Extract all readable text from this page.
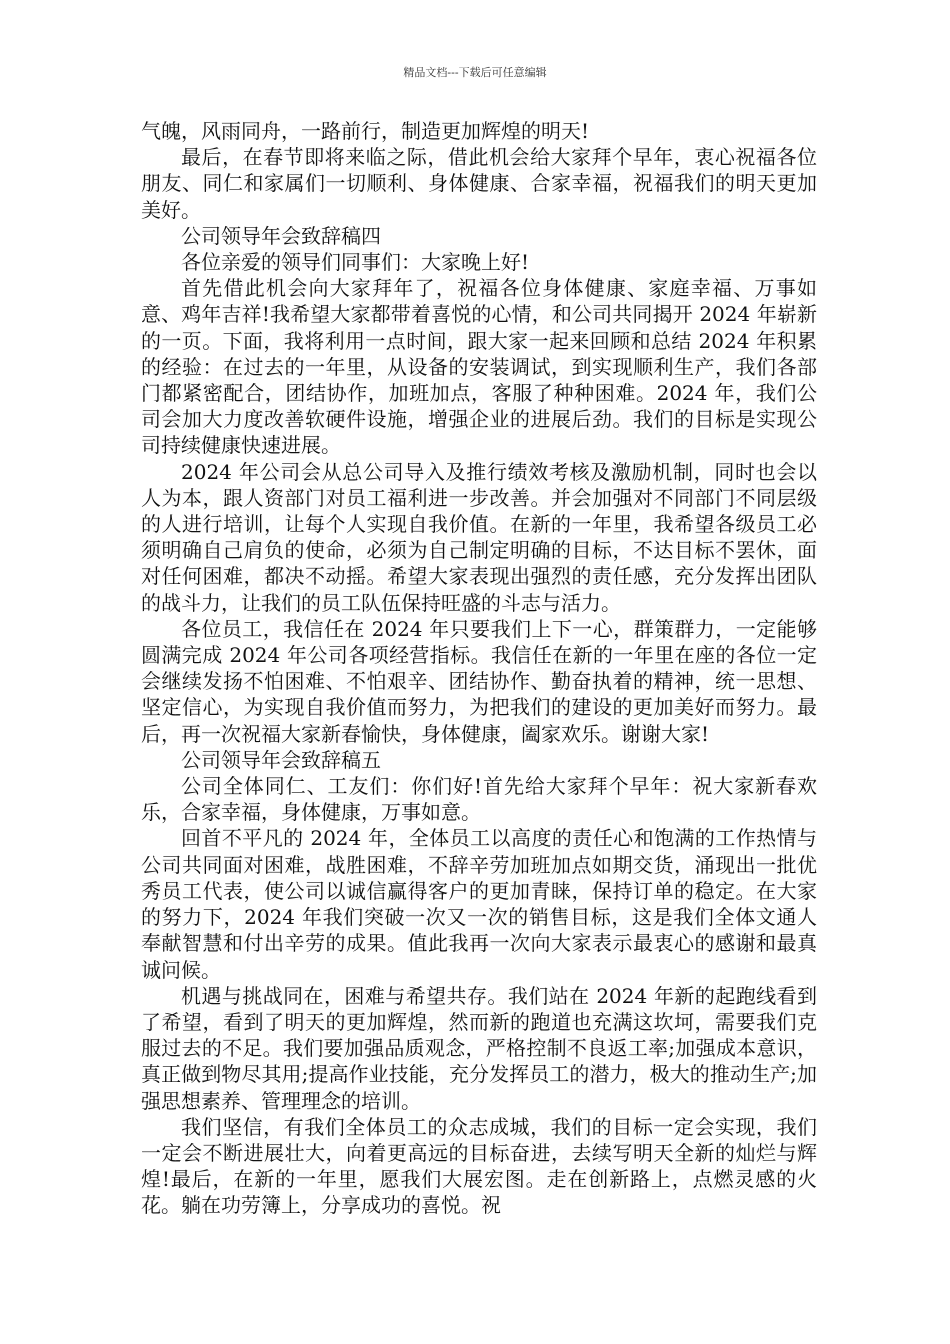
精品文档---下载后可任意编辑

气魄，风雨同舟，一路前行，制造更加辉煌的明天!

最后，在春节即将来临之际，借此机会给大家拜个早年，衷心祝福各位朋友、同仁和家属们一切顺利、身体健康、合家幸福，祝福我们的明天更加美好。

公司领导年会致辞稿四

各位亲爱的领导们同事们：大家晚上好!

首先借此机会向大家拜年了，祝福各位身体健康、家庭幸福、万事如意、鸡年吉祥!我希望大家都带着喜悦的心情，和公司共同揭开 2024 年崭新的一页。下面，我将利用一点时间，跟大家一起来回顾和总结 2024 年积累的经验：在过去的一年里，从设备的安装调试，到实现顺利生产，我们各部门都紧密配合，团结协作，加班加点，客服了种种困难。2024 年，我们公司会加大力度改善软硬件设施，增强企业的进展后劲。我们的目标是实现公司持续健康快速进展。

2024 年公司会从总公司导入及推行绩效考核及激励机制，同时也会以人为本，跟人资部门对员工福利进一步改善。并会加强对不同部门不同层级的人进行培训，让每个人实现自我价值。在新的一年里，我希望各级员工必须明确自己肩负的使命，必须为自己制定明确的目标，不达目标不罢休，面对任何困难，都决不动摇。希望大家表现出强烈的责任感，充分发挥出团队的战斗力，让我们的员工队伍保持旺盛的斗志与活力。

各位员工，我信任在 2024 年只要我们上下一心，群策群力，一定能够圆满完成 2024 年公司各项经营指标。我信任在新的一年里在座的各位一定会继续发扬不怕困难、不怕艰辛、团结协作、勤奋执着的精神，统一思想、坚定信心，为实现自我价值而努力，为把我们的建设的更加美好而努力。最后，再一次祝福大家新春愉快，身体健康，阖家欢乐。谢谢大家!

公司领导年会致辞稿五

公司全体同仁、工友们：你们好!首先给大家拜个早年：祝大家新春欢乐，合家幸福，身体健康，万事如意。

回首不平凡的 2024 年，全体员工以高度的责任心和饱满的工作热情与公司共同面对困难，战胜困难，不辞辛劳加班加点如期交货，涌现出一批优秀员工代表，使公司以诚信赢得客户的更加青睐，保持订单的稳定。在大家的努力下，2024 年我们突破一次又一次的销售目标，这是我们全体文通人奉献智慧和付出辛劳的成果。值此我再一次向大家表示最衷心的感谢和最真诚问候。

机遇与挑战同在，困难与希望共存。我们站在 2024 年新的起跑线看到了希望，看到了明天的更加辉煌，然而新的跑道也充满这坎坷，需要我们克服过去的不足。我们要加强品质观念，严格控制不良返工率;加强成本意识，真正做到物尽其用;提高作业技能，充分发挥员工的潜力，极大的推动生产;加强思想素养、管理理念的培训。

我们坚信，有我们全体员工的众志成城，我们的目标一定会实现，我们一定会不断进展壮大，向着更高远的目标奋进，去续写明天全新的灿烂与辉煌!最后，在新的一年里，愿我们大展宏图。走在创新路上，点燃灵感的火花。躺在功劳簿上，分享成功的喜悦。祝
